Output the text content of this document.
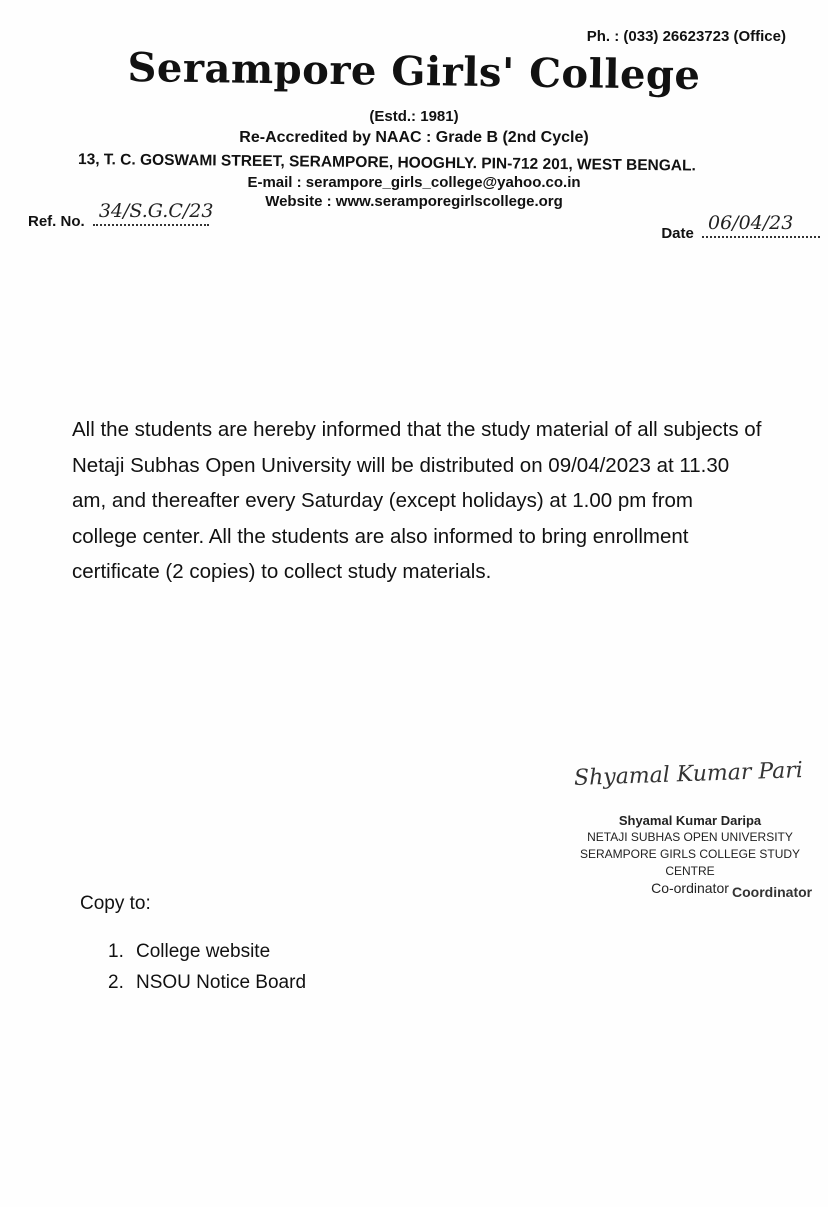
Ph. : (033) 26623723 (Office)
Serampore Girls' College
(Estd.: 1981)
Re-Accredited by NAAC : Grade B (2nd Cycle)
13, T. C. GOSWAMI STREET, SERAMPORE, HOOGHLY. PIN-712 201, WEST BENGAL.
E-mail : serampore_girls_college@yahoo.co.in
Website : www.seramporegirlscollege.org
Ref. No. 34/S.G.C/23
Date 06/04/23
All the students are hereby informed that the study material of all subjects of Netaji Subhas Open University will be distributed on 09/04/2023 at 11.30 am, and thereafter every Saturday (except holidays) at 1.00 pm from college center. All the students are also informed to bring enrollment certificate (2 copies) to collect study materials.
Shyamal Kumar Pari
Shyamal Kumar Daripa
NETAJI SUBHAS OPEN UNIVERSITY
SERAMPORE GIRLS COLLEGE STUDY CENTRE
Co-ordinator Coordinator
Copy to:
1. College website
2. NSOU Notice Board
